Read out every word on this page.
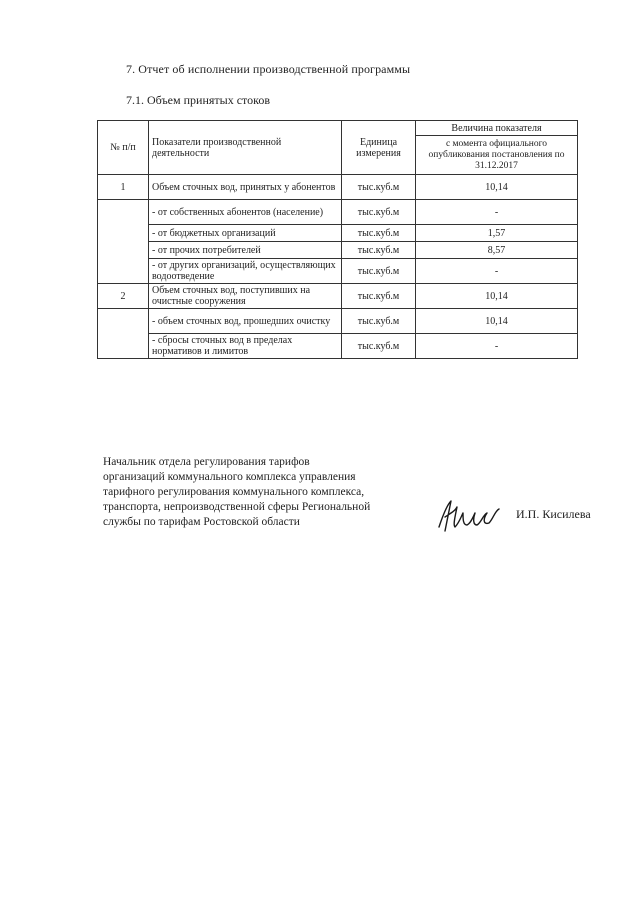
7. Отчет об исполнении производственной программы
7.1. Объем принятых стоков
№ п/п	Показатели производственной деятельности	Единица измерения	Величина показателя
			с момента официального опубликования постановления по 31.12.2017
1	Объем сточных вод, принятых у абонентов	тыс.куб.м	10,14
	- от собственных абонентов (население)	тыс.куб.м	-
	- от бюджетных организаций	тыс.куб.м	1,57
	- от прочих потребителей	тыс.куб.м	8,57
	- от других организаций, осуществляющих водоотведение	тыс.куб.м	-
2	Объем сточных вод, поступивших на очистные сооружения	тыс.куб.м	10,14
	- объем сточных вод, прошедших очистку	тыс.куб.м	10,14
	- сбросы сточных вод в пределах нормативов и лимитов	тыс.куб.м	-
Начальник отдела регулирования тарифов
организаций коммунального комплекса управления
тарифного регулирования коммунального комплекса,
транспорта, непроизводственной сферы Региональной
службы по тарифам Ростовской области
И.П. Кисилева
